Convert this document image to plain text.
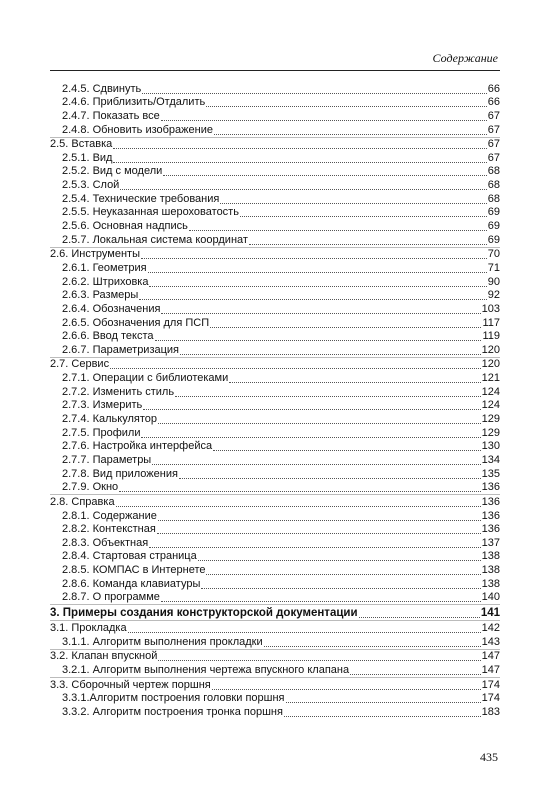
Содержание
2.4.5. Сдвинуть	66
2.4.6. Приблизить/Отдалить	66
2.4.7. Показать все	67
2.4.8. Обновить изображение	67
2.5. Вставка	67
2.5.1. Вид	67
2.5.2. Вид с модели	68
2.5.3. Слой	68
2.5.4. Технические требования	68
2.5.5. Неуказанная шероховатость	69
2.5.6. Основная надпись	69
2.5.7. Локальная система координат	69
2.6. Инструменты	70
2.6.1. Геометрия	71
2.6.2. Штриховка	90
2.6.3. Размеры	92
2.6.4. Обозначения	103
2.6.5. Обозначения для ПСП	117
2.6.6. Ввод текста	119
2.6.7. Параметризация	120
2.7. Сервис	120
2.7.1. Операции с библиотеками	121
2.7.2. Изменить стиль	124
2.7.3. Измерить	124
2.7.4. Калькулятор	129
2.7.5. Профили	129
2.7.6. Настройка интерфейса	130
2.7.7. Параметры	134
2.7.8. Вид приложения	135
2.7.9. Окно	136
2.8. Справка	136
2.8.1. Содержание	136
2.8.2. Контекстная	136
2.8.3. Объектная	137
2.8.4. Стартовая страница	138
2.8.5. КОМПАС в Интернете	138
2.8.6. Команда клавиатуры	138
2.8.7. О программе	140
3. Примеры создания конструкторской документации	141
3.1. Прокладка	142
3.1.1. Алгоритм выполнения прокладки	143
3.2. Клапан впускной	147
3.2.1. Алгоритм выполнения чертежа впускного клапана	147
3.3. Сборочный чертеж поршня	174
3.3.1.Алгоритм построения головки поршня	174
3.3.2. Алгоритм построения тронка поршня	183
435
